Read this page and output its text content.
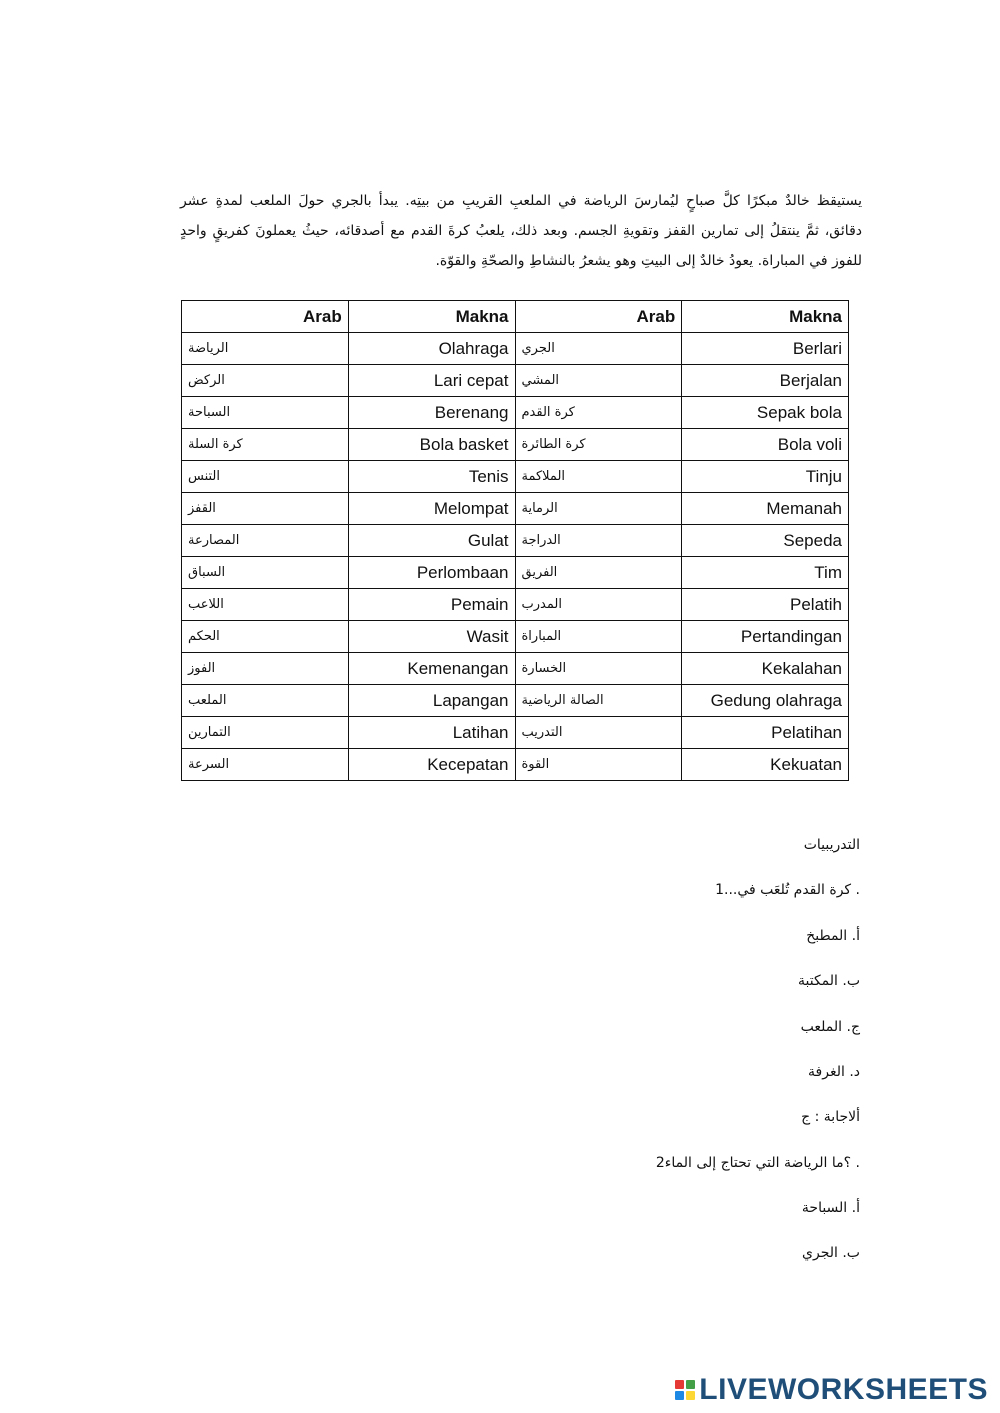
يستيقظ خالدٌ مبكرًا كلَّ صباحٍ ليُمارسَ الرياضة في الملعبِ القريبِ من بيتِه. يبدأ بالجري حولَ الملعب لمدةِ عشر
دقائق، ثمَّ ينتقلُ إلى تمارين القفز وتقويةِ الجسم. وبعد ذلك، يلعبُ كرةَ القدم مع أصدقائه، حيثُ يعملونَ كفريقٍ واحدٍ
للفوز في المباراة. يعودُ خالدٌ إلى البيتِ وهو يشعرُ بالنشاطِ والصحّةِ والقوّة.
Arab	Makna	Arab	Makna
الرياضة	Olahraga	الجري	Berlari
الركض	Lari cepat	المشي	Berjalan
السباحة	Berenang	كرة القدم	Sepak bola
كرة السلة	Bola basket	كرة الطائرة	Bola voli
التنس	Tenis	الملاكمة	Tinju
القفز	Melompat	الرماية	Memanah
المصارعة	Gulat	الدراجة	Sepeda
السباق	Perlombaan	الفريق	Tim
اللاعب	Pemain	المدرب	Pelatih
الحكم	Wasit	المباراة	Pertandingan
الفوز	Kemenangan	الخسارة	Kekalahan
الملعب	Lapangan	الصالة الرياضية	Gedung olahraga
التمارين	Latihan	التدريب	Pelatihan
السرعة	Kecepatan	القوة	Kekuatan
التدريبيات
1...كرة القدم تُلعَب في .
أ. المطبخ
ب. المكتبة
ج. الملعب
د. الغرفة
ألاجابة : ج
2؟ما الرياضة التي تحتاج إلى الماء .
أ. السباحة
ب. الجري
LIVEWORKSHEETS
